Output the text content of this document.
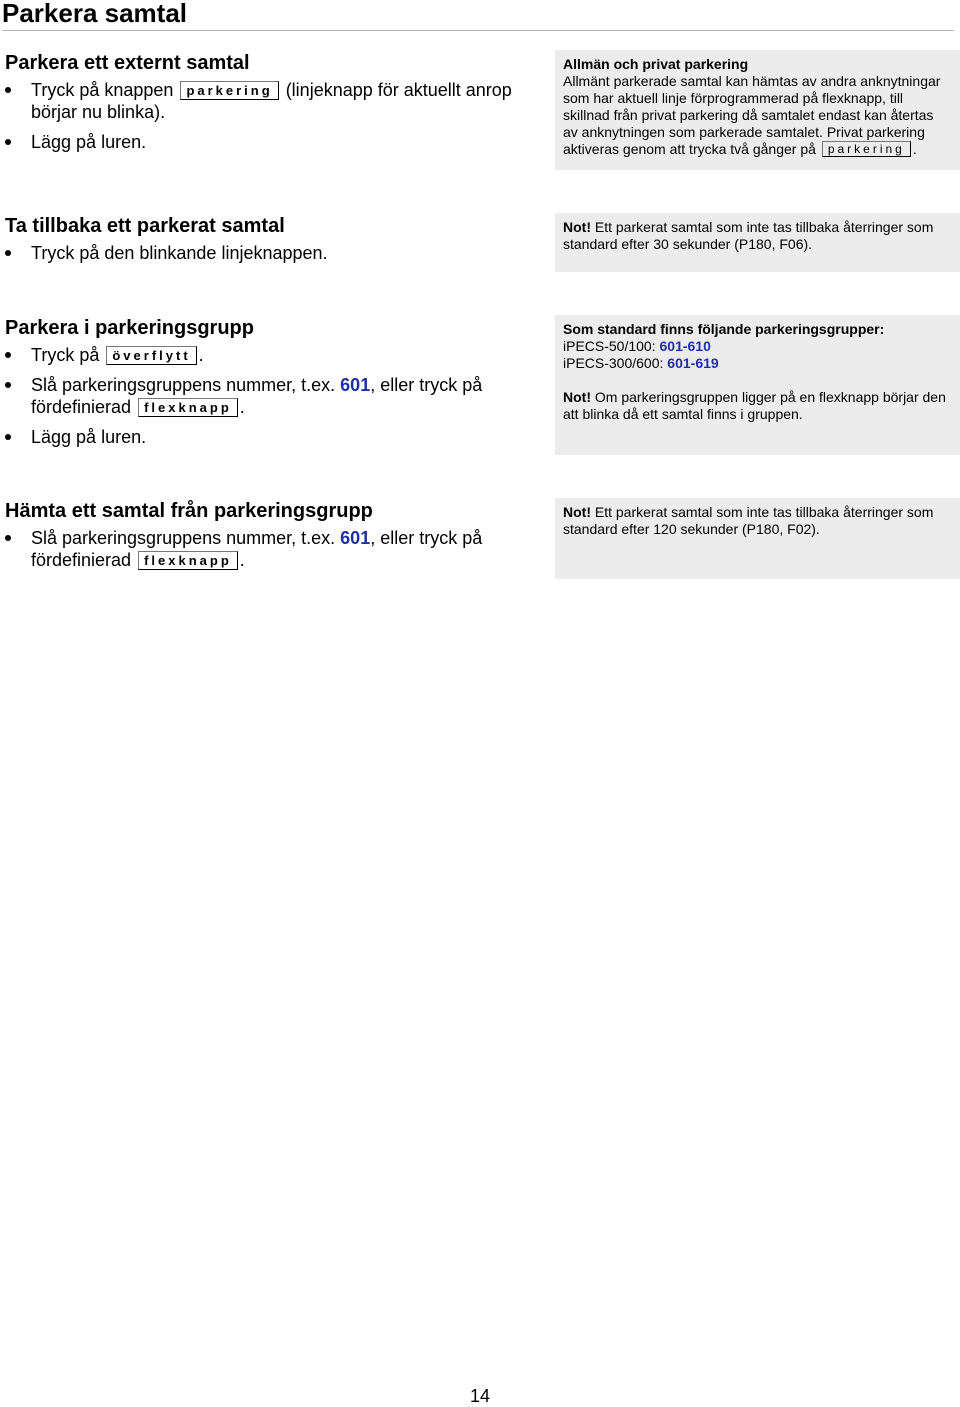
Parkera samtal
Parkera ett externt samtal
Tryck på knappen parkering (linjeknapp för aktuellt anrop börjar nu blinka).
Lägg på luren.
Allmän och privat parkering
Allmänt parkerade samtal kan hämtas av andra anknytningar som har aktuell linje förprogrammerad på flexknapp, till skillnad från privat parkering då samtalet endast kan återtas av anknytningen som parkerade samtalet. Privat parkering aktiveras genom att trycka två gånger på parkering .
Ta tillbaka ett parkerat samtal
Tryck på den blinkande linjeknappen.
Not! Ett parkerat samtal som inte tas tillbaka återringer som standard efter 30 sekunder (P180, F06).
Parkera i parkeringsgrupp
Tryck på överflytt .
Slå parkeringsgruppens nummer, t.ex. 601, eller tryck på fördefinierad flexknapp .
Lägg på luren.
Som standard finns följande parkeringsgrupper:
iPECS-50/100: 601-610
iPECS-300/600: 601-619
Not! Om parkeringsgruppen ligger på en flexknapp börjar den att blinka då ett samtal finns i gruppen.
Hämta ett samtal från parkeringsgrupp
Slå parkeringsgruppens nummer, t.ex. 601, eller tryck på fördefinierad flexknapp .
Not! Ett parkerat samtal som inte tas tillbaka återringer som standard efter 120 sekunder (P180, F02).
14
